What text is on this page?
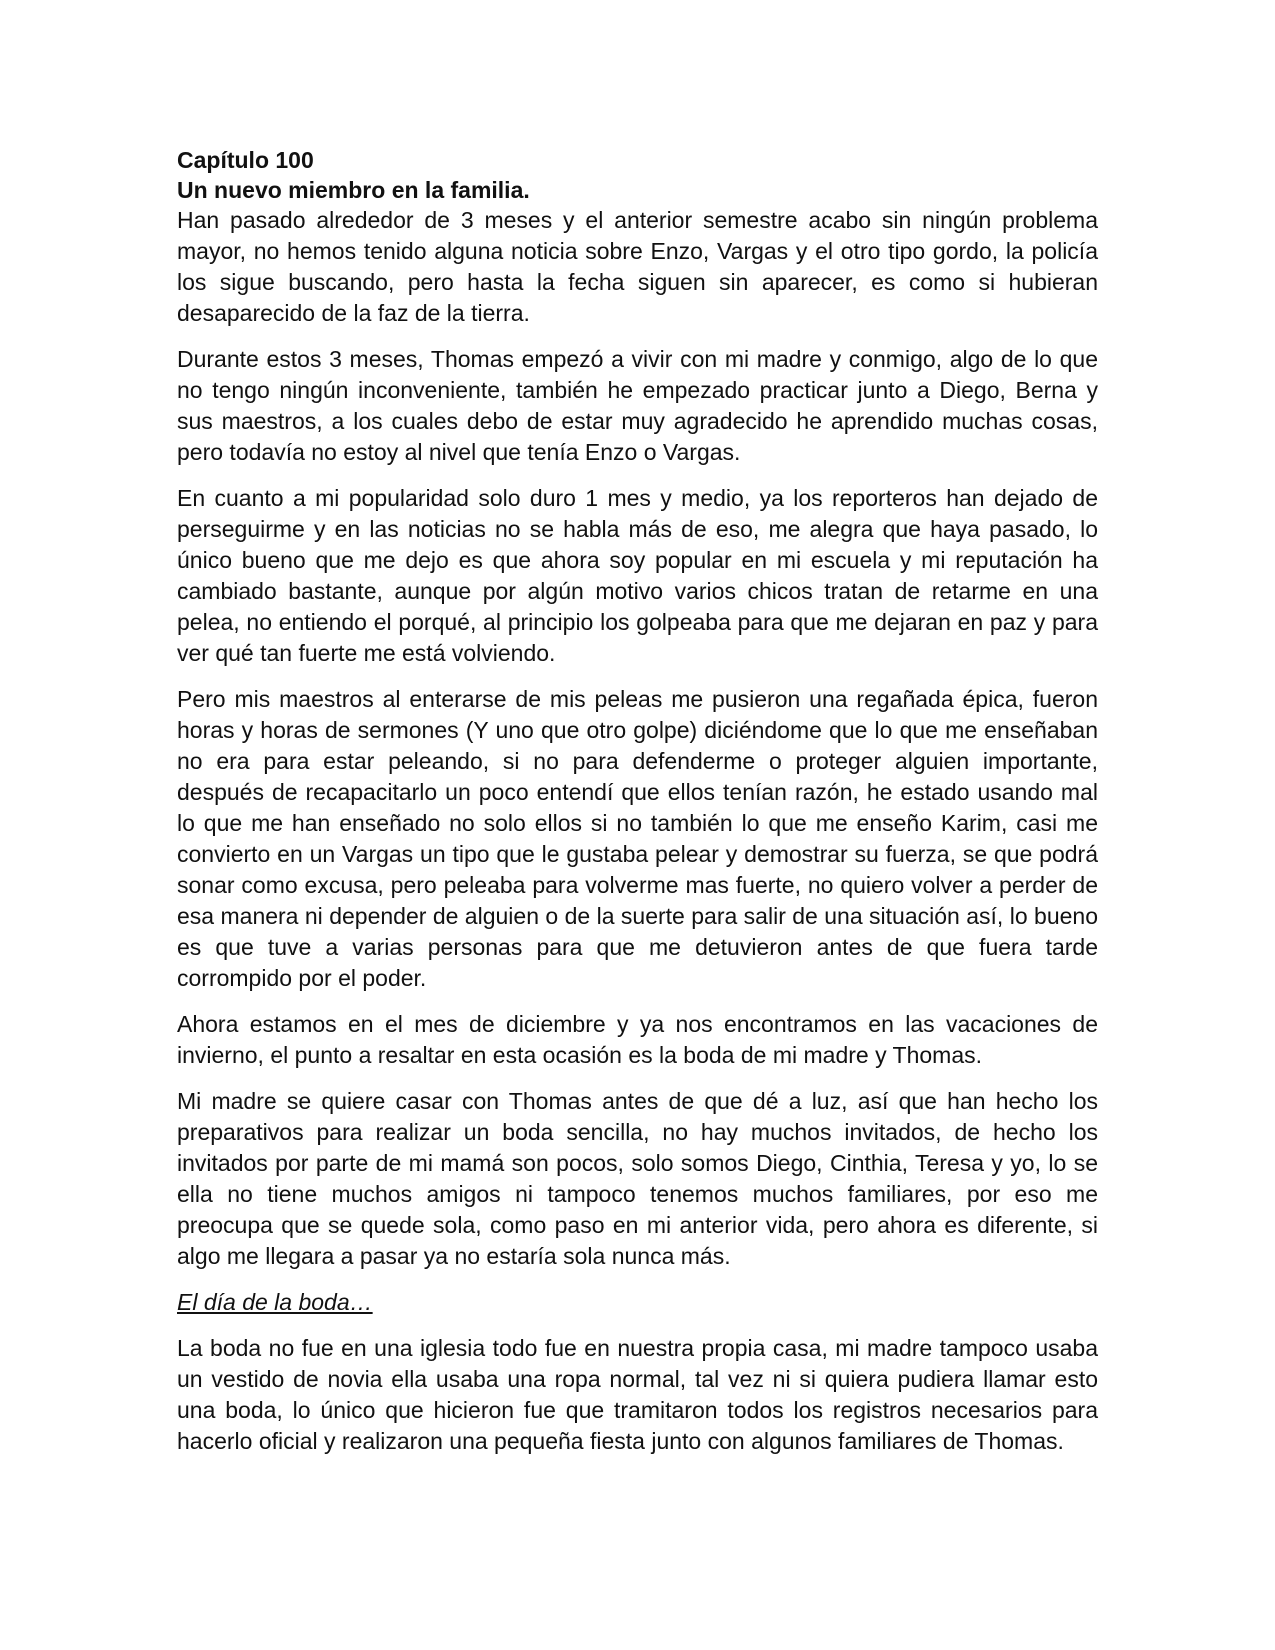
Capítulo 100

Un nuevo miembro en la familia.

Han pasado alrededor de 3 meses y el anterior semestre acabo sin ningún problema mayor, no hemos tenido alguna noticia sobre Enzo, Vargas y el otro tipo gordo, la policía los sigue buscando, pero hasta la fecha siguen sin aparecer, es como si hubieran desaparecido de la faz de la tierra.

Durante estos 3 meses, Thomas empezó a vivir con mi madre y conmigo, algo de lo que no tengo ningún inconveniente, también he empezado practicar junto a Diego, Berna y sus maestros, a los cuales debo de estar muy agradecido he aprendido muchas cosas, pero todavía no estoy al nivel que tenía Enzo o Vargas.

En cuanto a mi popularidad solo duro 1 mes y medio, ya los reporteros han dejado de perseguirme y en las noticias no se habla más de eso, me alegra que haya pasado, lo único bueno que me dejo es que ahora soy popular en mi escuela y mi reputación ha cambiado bastante, aunque por algún motivo varios chicos tratan de retarme en una pelea, no entiendo el porqué, al principio los golpeaba para que me dejaran en paz y para ver qué tan fuerte me está volviendo.

Pero mis maestros al enterarse de mis peleas me pusieron una regañada épica, fueron horas y horas de sermones (Y uno que otro golpe) diciéndome que lo que me enseñaban no era para estar peleando, si no para defenderme o proteger alguien importante, después de recapacitarlo un poco entendí que ellos tenían razón, he estado usando mal lo que me han enseñado no solo ellos si no también lo que me enseño Karim, casi me convierto en un Vargas un tipo que le gustaba pelear y demostrar su fuerza, se que podrá sonar como excusa, pero peleaba para volverme mas fuerte, no quiero volver a perder de esa manera ni depender de alguien o de la suerte para salir de una situación así, lo bueno es que tuve a varias personas para que me detuvieron antes de que fuera tarde corrompido por el poder.

Ahora estamos en el mes de diciembre y ya nos encontramos en las vacaciones de invierno, el punto a resaltar en esta ocasión es la boda de mi madre y Thomas.

Mi madre se quiere casar con Thomas antes de que dé a luz, así que han hecho los preparativos para realizar un boda sencilla, no hay muchos invitados, de hecho los invitados por parte de mi mamá son pocos, solo somos Diego, Cinthia, Teresa y yo, lo se ella no tiene muchos amigos ni tampoco tenemos muchos familiares, por eso me preocupa que se quede sola, como paso en mi anterior vida, pero ahora es diferente, si algo me llegara a pasar ya no estaría sola nunca más.

El día de la boda…

La boda no fue en una iglesia todo fue en nuestra propia casa, mi madre tampoco usaba un vestido de novia ella usaba una ropa normal, tal vez ni si quiera pudiera llamar esto una boda, lo único que hicieron fue que tramitaron todos los registros necesarios para hacerlo oficial y realizaron una pequeña fiesta junto con algunos familiares de Thomas.
